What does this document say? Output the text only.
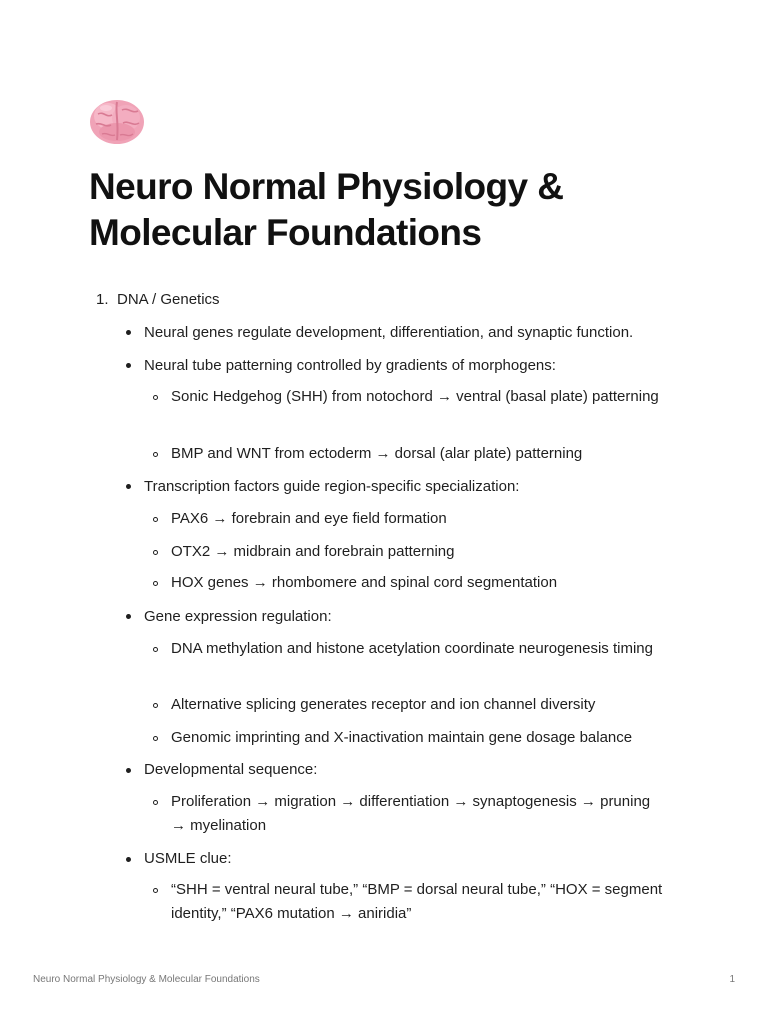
Neuro Normal Physiology &
Molecular Foundations
1. DNA / Genetics
Neural genes regulate development, differentiation, and synaptic function.
Neural tube patterning controlled by gradients of morphogens:
Sonic Hedgehog (SHH) from notochord → ventral (basal plate) patterning
BMP and WNT from ectoderm → dorsal (alar plate) patterning
Transcription factors guide region-specific specialization:
PAX6 → forebrain and eye field formation
OTX2 → midbrain and forebrain patterning
HOX genes → rhombomere and spinal cord segmentation
Gene expression regulation:
DNA methylation and histone acetylation coordinate neurogenesis timing
Alternative splicing generates receptor and ion channel diversity
Genomic imprinting and X-inactivation maintain gene dosage balance
Developmental sequence:
Proliferation → migration → differentiation → synaptogenesis → pruning → myelination
USMLE clue:
“SHH = ventral neural tube,” “BMP = dorsal neural tube,” “HOX = segment identity,” “PAX6 mutation → aniridia”
Neuro Normal Physiology & Molecular Foundations	1
